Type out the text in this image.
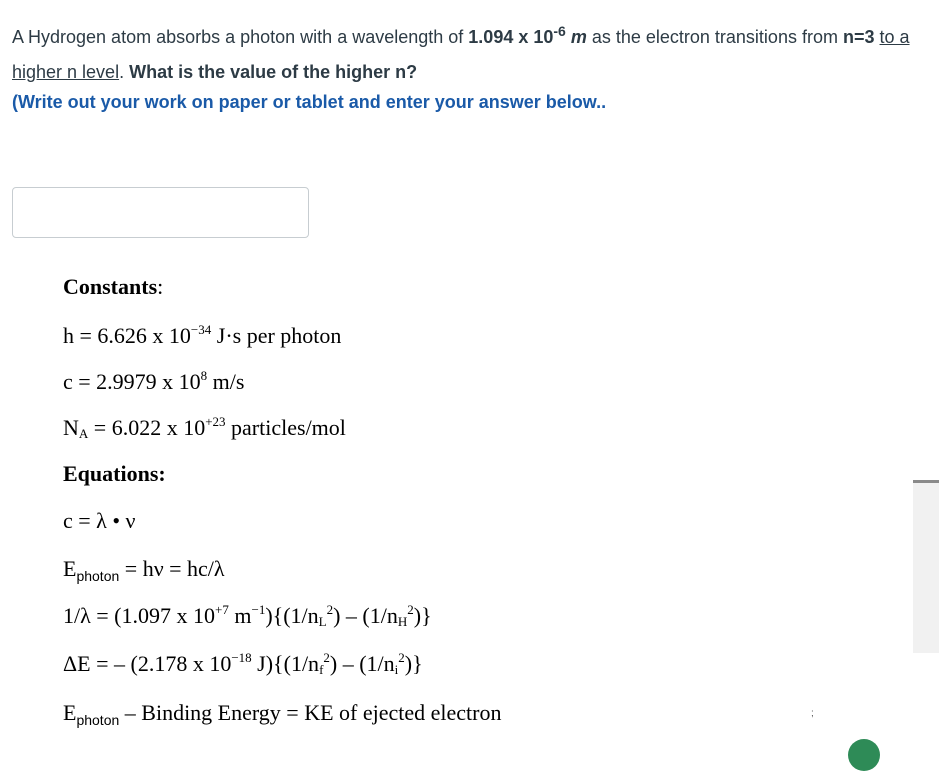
A Hydrogen atom absorbs a photon with a wavelength of 1.094 x $10^{-6}$ m as the electron transitions from n=3 to a higher n level. What is the value of the higher n?
(Write out your work on paper or tablet and enter your answer below..
Constants:
h = 6.626 x $10^{-34}$ J·s per photon
c = 2.9979 x $10^8$ m/s
$N_A = 6.022$ x $10^{+23}$ particles/mol
Equations:
c = λ • ν
$E_{photon} = h\nu = hc/\lambda$
1/λ = (1.097 x $10^{+7}$ $m^{-1})\{(1/n_L^2) - (1/n_H^2)\}$
ΔE = – (2.178 x $10^{-18}$ $J)\{(1/n_f^2) - (1/n_i^2)\}$
$E_{photon}$ – Binding Energy = KE of ejected electron	;
